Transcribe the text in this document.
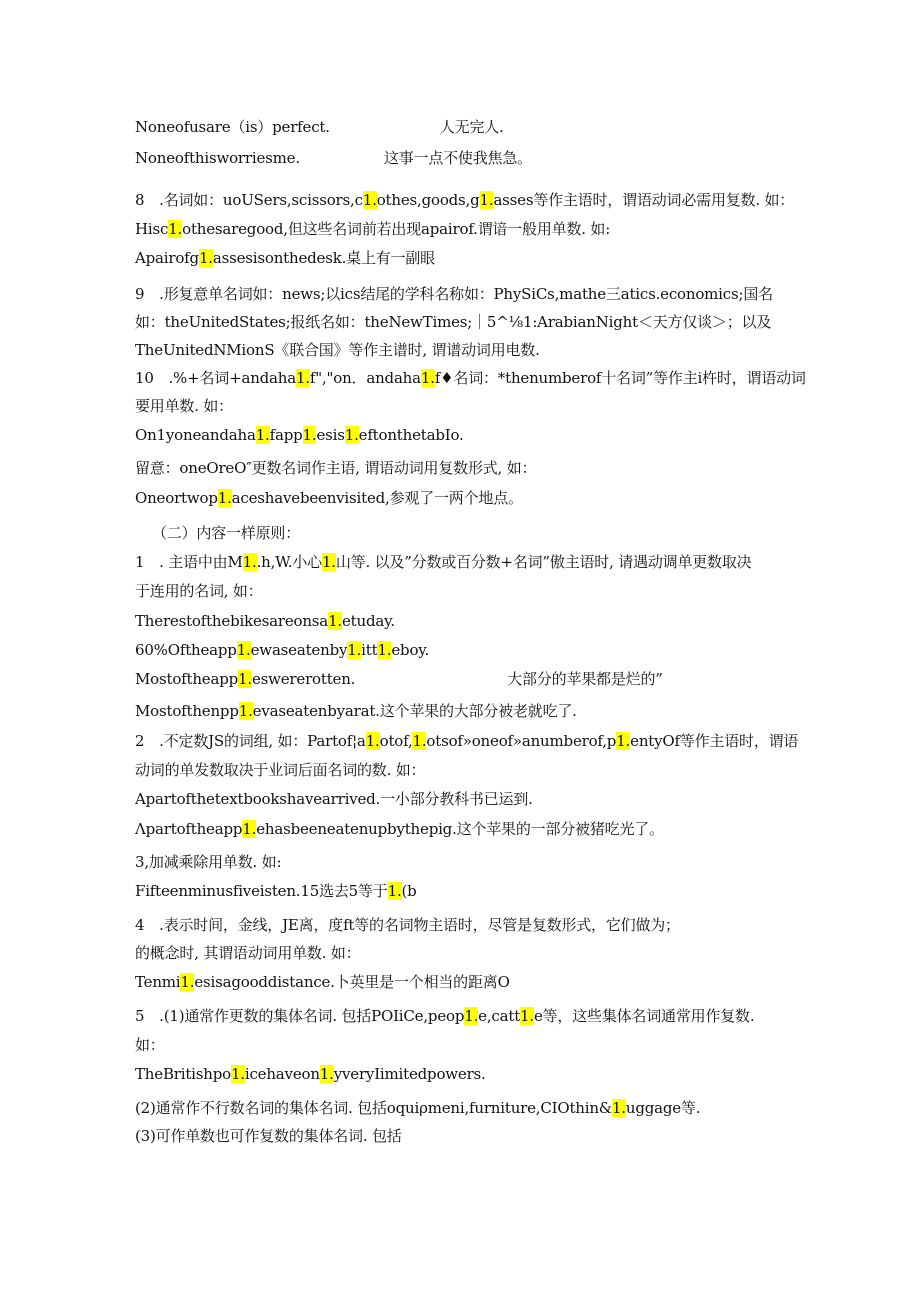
Noneofusare（is）perfect.	人无完人.
Noneofthisworriesme.	这事一点不使我焦急。
8　.名词如：uoUSers,scissors,c1.othes,goods,g1.asses等作主语时，谓语动词必需用复数. 如：
Hisc1.othesaregood,但这些名词前若出现apairof.谓谙一般用单数. 如:
Apairofg1.assesisonthedesk.桌上有一副眼
9　.形复意单名词如：news;以ics结尾的学科名称如：PhySiCs,mathe三atics.economics;国名
如：theUnitedStates;报纸名如：theNewTimes;｜5^⅛1:ArabianNight＜天方仅谈＞；以及
TheUnitedNMionS《联合国》等作主谱时, 谓谱动词用电数.
10　.%+名词+andaha1.f","on．andaha1.f♦名词：*thenumberof十名词”等作主i杵时，谓语动词
要用单数. 如：
On1yoneandaha1.fapp1.esis1.eftonthetabIo.
留意：oneOreO″更数名词作主语, 谓语动词用复数形式, 如：
Oneortwop1.aceshavebeenvisited,参观了一两个地点。
（二）内容一样原则：
1　. 主语中由M1..h,W.小心1.山等. 以及”分数或百分数+名词”傲主语时, 请遇动调单更数取决
于连用的名词, 如：
Therestofthebikesareonsa1.etuday.
60%Oftheapp1.ewaseatenby1.itt1.eboy.
Mostoftheapp1.eswererotten.	大部分的苹果都是烂的”
Mostofthenpp1.evaseatenbyarat.这个苹果的大部分被老就吃了.
2　.不定数JS的词组, 如：Partof¦a1.otof,1.otsof»oneof»anumberof,p1.entyOf等作主语时，谓语
动词的单发数取决于业词后面名词的数. 如：
Apartofthetextbookshavearrived.一小部分教科书已运到.
Λpartoftheapp1.ehasbeeneatenupbythepig.这个苹果的一部分被猪吃光了。
3,加减乘除用单数. 如:
Fifteenminusfiveisten.15选去5等于1.(b
4　.表示时间，金线，JE离，度ft等的名词物主语时，尽管是复数形式，它们做为；
的概念时, 其谓语动词用单数. 如：
Tenmi1.esisagooddistance.卜英里是一个相当的距离O
5　.(1)通常作更数的集体名词. 包括POIiCe,peop1.e,catt1.e等，这些集体名词通常用作复数.
如：
TheBritishpo1.icehaveon1.yveryIimitedpowers.
(2)通常作不行数名词的集体名词. 包括oquiρmeni,furniture,CIOthin&1.uggage等.
(3)可作单数也可作复数的集体名词. 包括
